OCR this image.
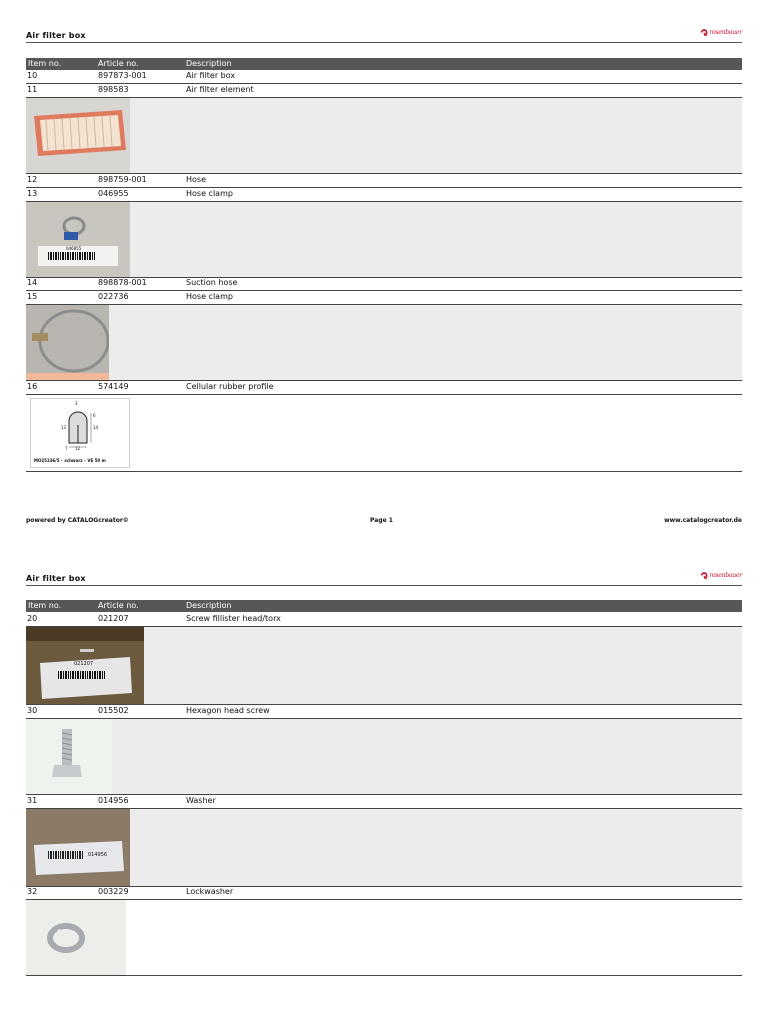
Air filter box	rosenbauer
Item no.	Article no.	Description
10	897873-001	Air filter box
11	898583	Air filter element
12	898759-001	Hose
13	046955	Hose clamp
046955
14	898878-001	Suction hose
15	022736	Hose clamp
16	574149	Cellular rubber profile
3
14
12
13
6
7
MO25236/5 – schwarz – VE 50 m
powered by CATALOGcreator©	Page 1	www.catalogcreator.de
Air filter box	rosenbauer
Item no.	Article no.	Description
20	021207	Screw fillister head/torx
021207
30	015502	Hexagon head screw
31	014956	Washer
014956
32	003229	Lockwasher
